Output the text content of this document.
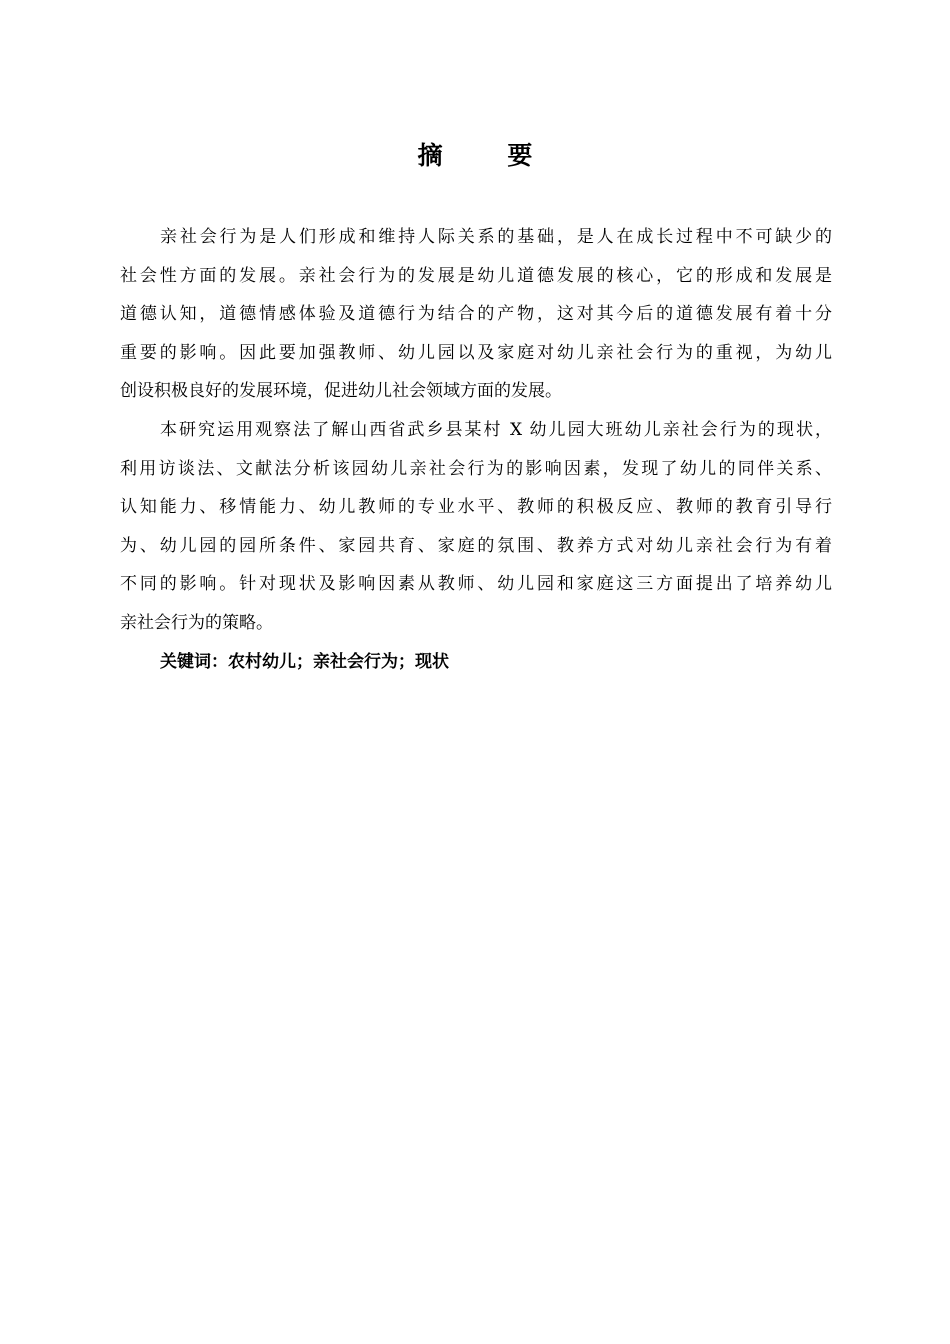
摘 要
亲社会行为是人们形成和维持人际关系的基础，是人在成长过程中不可缺少的
社会性方面的发展。亲社会行为的发展是幼儿道德发展的核心，它的形成和发展是
道德认知，道德情感体验及道德行为结合的产物，这对其今后的道德发展有着十分
重要的影响。因此要加强教师、幼儿园以及家庭对幼儿亲社会行为的重视，为幼儿
创设积极良好的发展环境，促进幼儿社会领域方面的发展。
本研究运用观察法了解山西省武乡县某村 X 幼儿园大班幼儿亲社会行为的现状，
利用访谈法、文献法分析该园幼儿亲社会行为的影响因素，发现了幼儿的同伴关系、
认知能力、移情能力、幼儿教师的专业水平、教师的积极反应、教师的教育引导行
为、幼儿园的园所条件、家园共育、家庭的氛围、教养方式对幼儿亲社会行为有着
不同的影响。针对现状及影响因素从教师、幼儿园和家庭这三方面提出了培养幼儿
亲社会行为的策略。
关键词：农村幼儿；亲社会行为；现状
